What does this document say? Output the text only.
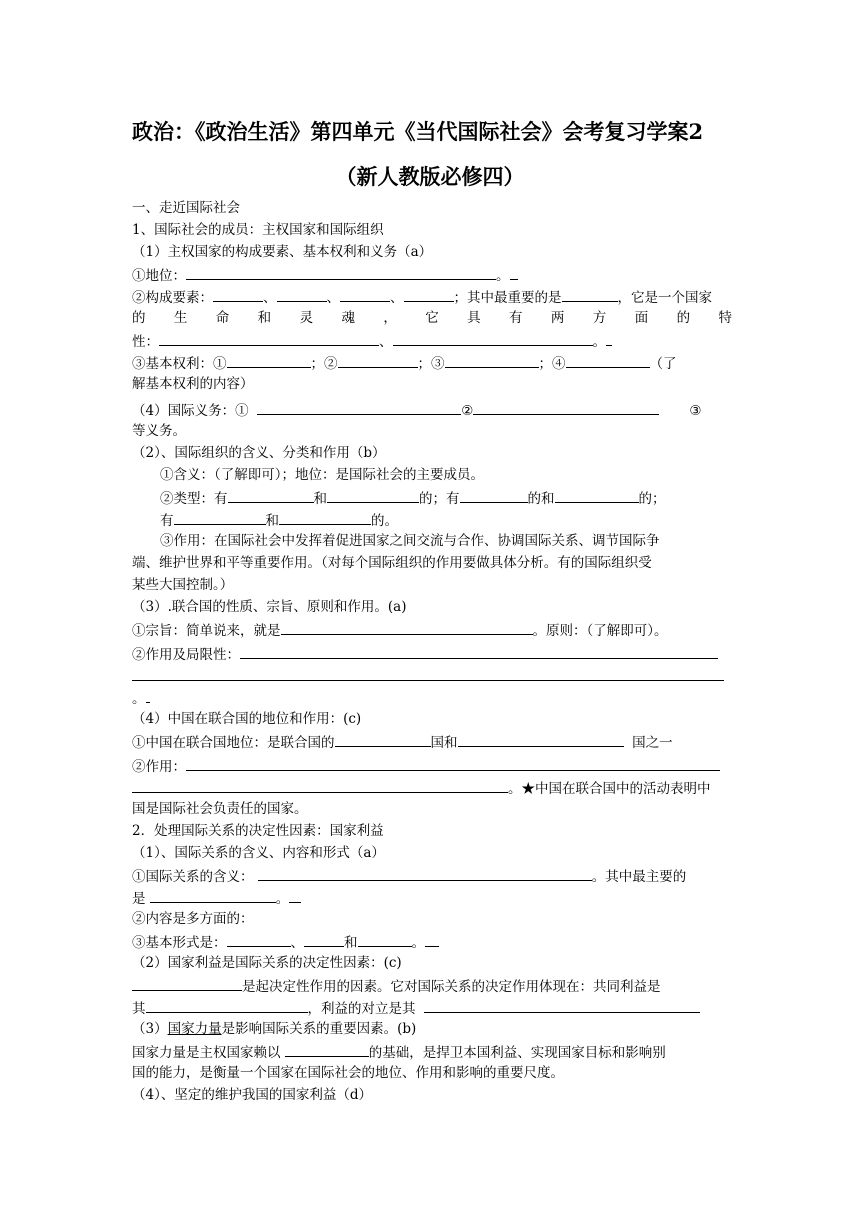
政治：《政治生活》第四单元《当代国际社会》会考复习学案2
（新人教版必修四）
一、走近国际社会
1、国际社会的成员：主权国家和国际组织
（1）主权国家的构成要素、基本权利和义务（a）
①地位：	。
②构成要素：	、	、	、	；其中最重要的是	，它是一个国家
的 生 命 和 灵 魂 ， 它 具 有 两 方 面 的 特
性：	、	。
③基本权利：①	；②	；③	；④	（了
解基本权利的内容）
（4）国际义务：①	②	③
等义务。
（2）、国际组织的含义、分类和作用（b）
①含义：（了解即可）；地位：是国际社会的主要成员。
②类型：有	和	的；有	的和	的；
有	和	的。
③作用：在国际社会中发挥着促进国家之间交流与合作、协调国际关系、调节国际争
端、维护世界和平等重要作用。（对每个国际组织的作用要做具体分析。有的国际组织受
某些大国控制。）
（3）.联合国的性质、宗旨、原则和作用。(a)
①宗旨：简单说来，就是	。原则：（了解即可）。
②作用及局限性：
。
（4）中国在联合国的地位和作用：(c)
①中国在联合国地位：是联合国的	国和	国之一
②作用：
。★中国在联合国中的活动表明中
国是国际社会负责任的国家。
2．处理国际关系的决定性因素：国家利益
（1）、国际关系的含义、内容和形式（a）
①国际关系的含义：	。其中最主要的
是	。
②内容是多方面的：
③基本形式是：	、	和	。
（2）国家利益是国际关系的决定性因素：(c)
是起决定性作用的因素。它对国际关系的决定作用体现在：共同利益是
其	，利益的对立是其
（3）国家力量是影响国际关系的重要因素。(b)
国家力量是主权国家赖以	的基础，是捍卫本国利益、实现国家目标和影响别
国的能力，是衡量一个国家在国际社会的地位、作用和影响的重要尺度。
（4）、坚定的维护我国的国家利益（d）
